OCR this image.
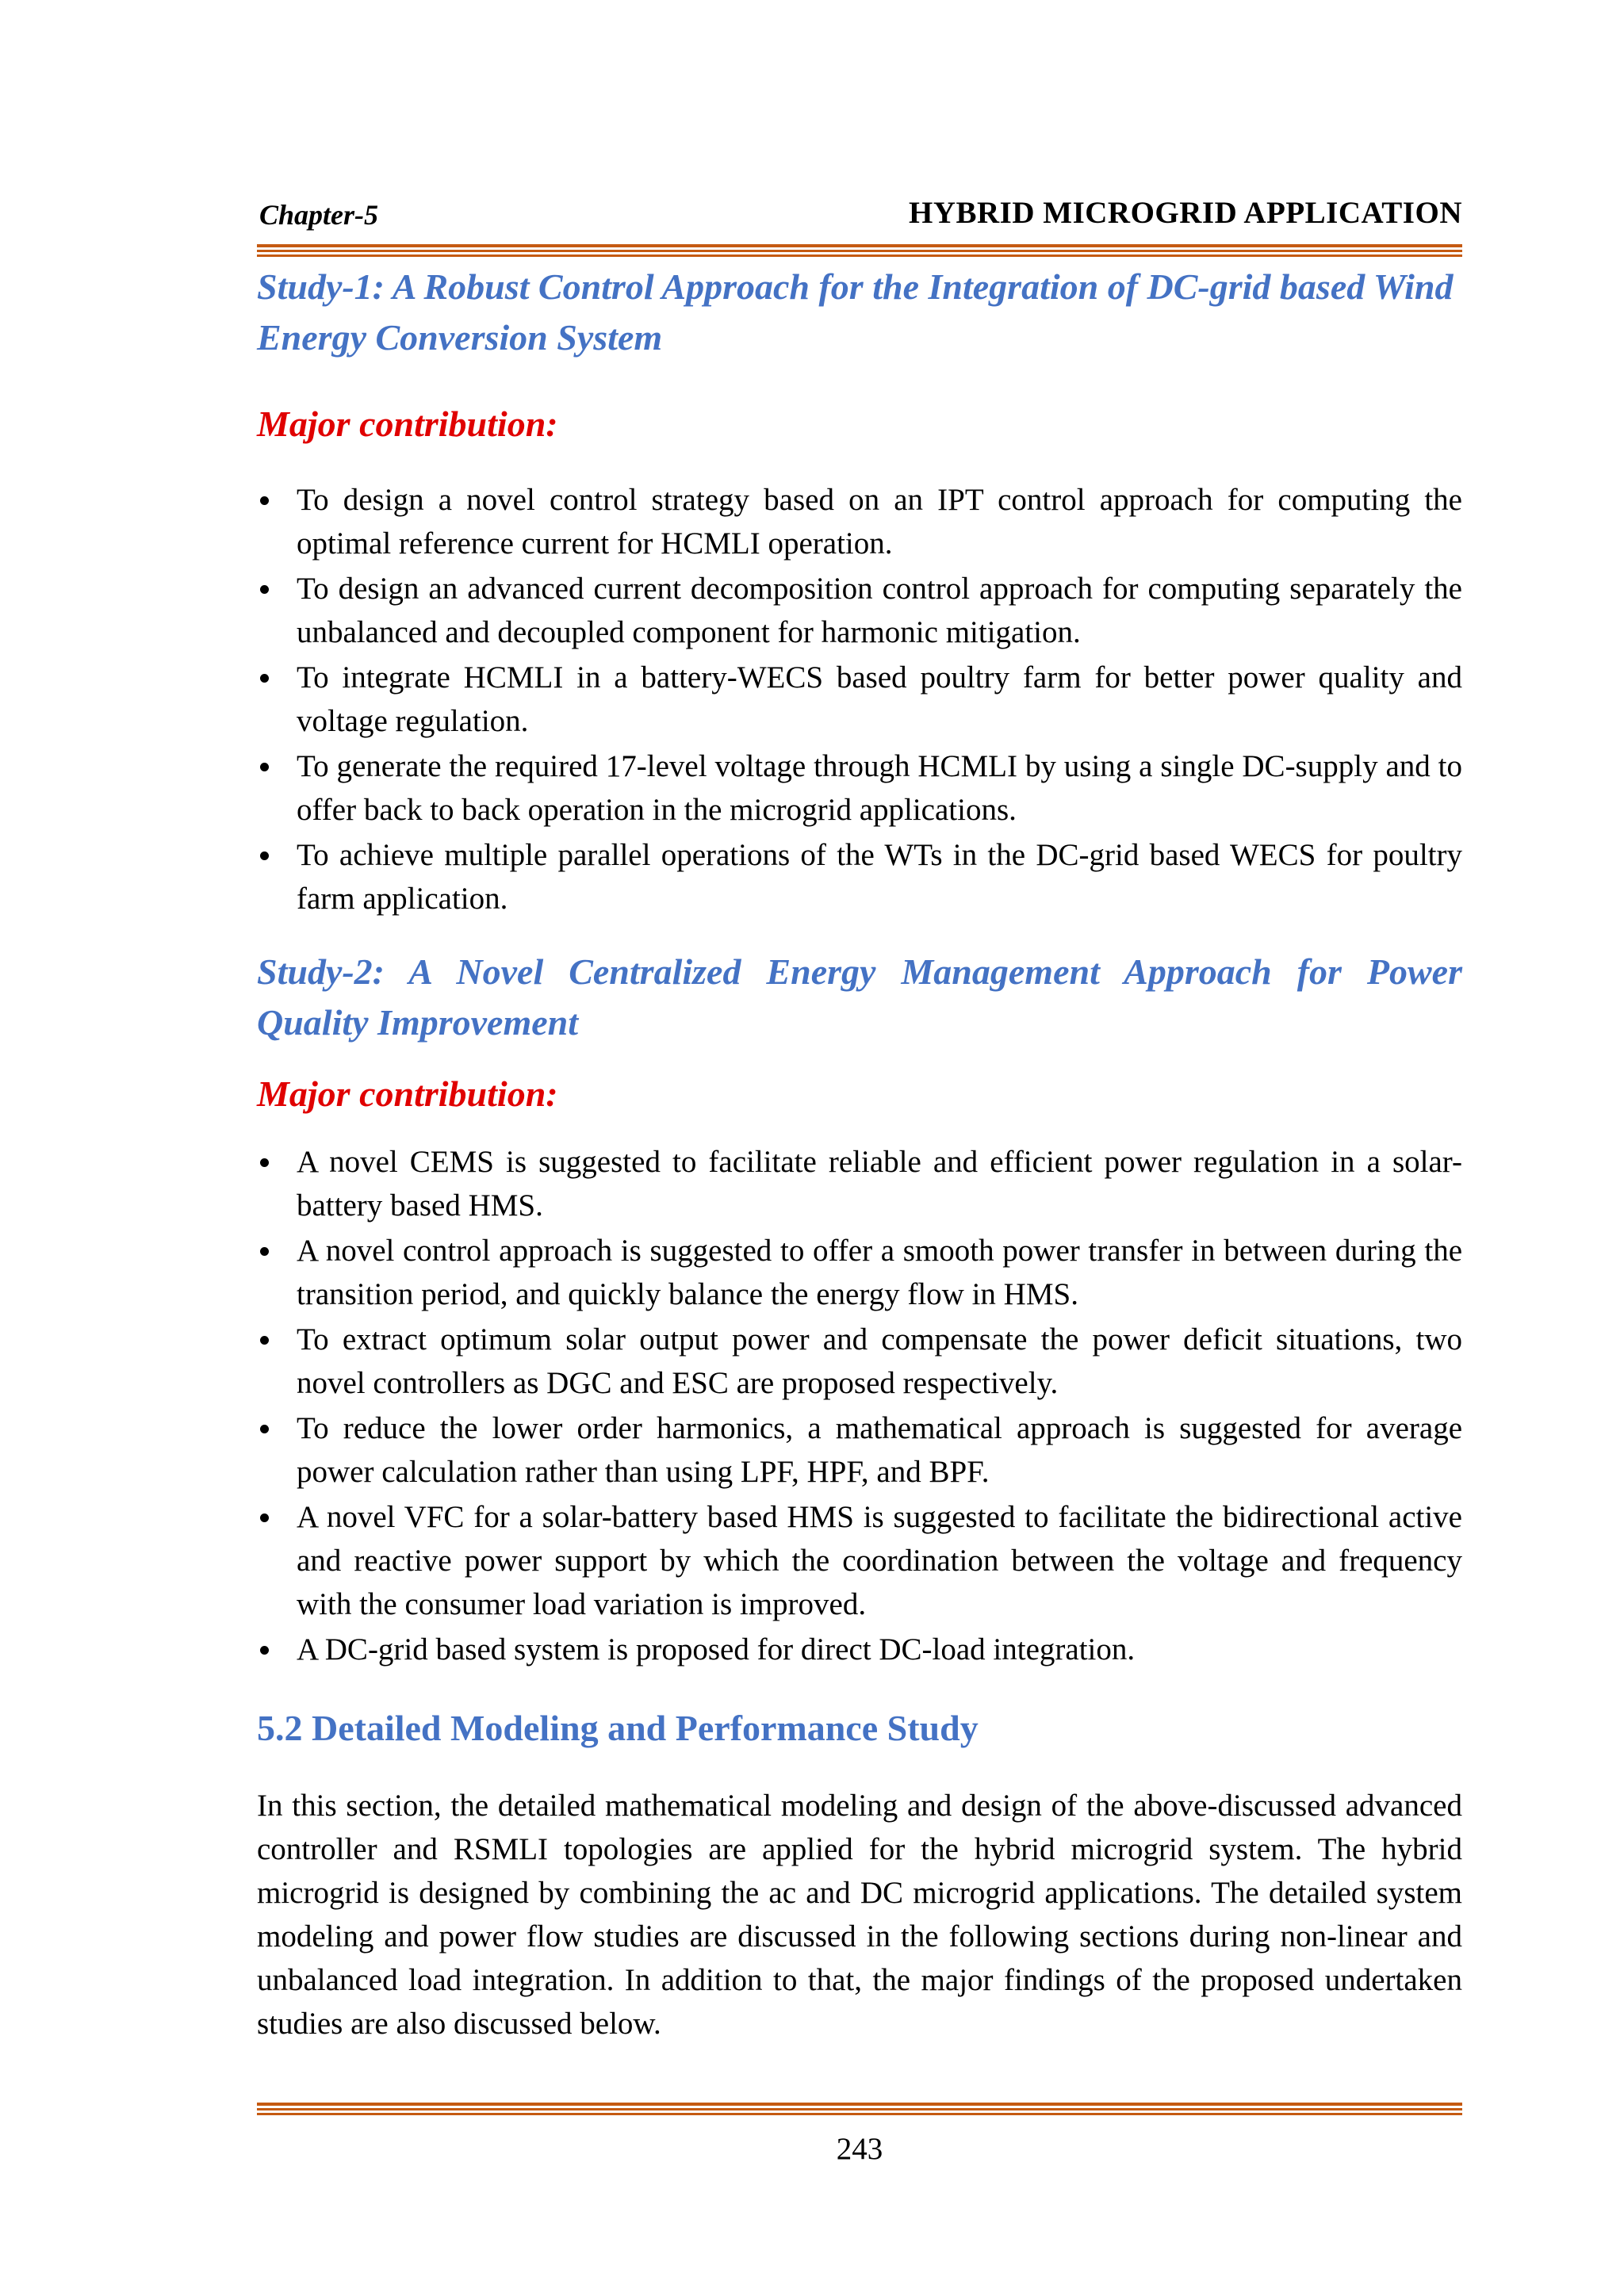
Chapter-5	HYBRID MICROGRID APPLICATION
Study-1: A Robust Control Approach for the Integration of DC-grid based Wind Energy Conversion System
Major contribution:
To design a novel control strategy based on an IPT control approach for computing the optimal reference current for HCMLI operation.
To design an advanced current decomposition control approach for computing separately the unbalanced and decoupled component for harmonic mitigation.
To integrate HCMLI in a battery-WECS based poultry farm for better power quality and voltage regulation.
To generate the required 17-level voltage through HCMLI by using a single DC-supply and to offer back to back operation in the microgrid applications.
To achieve multiple parallel operations of the WTs in the DC-grid based WECS for poultry farm application.
Study-2: A Novel Centralized Energy Management Approach for Power
Quality Improvement
Major contribution:
A novel CEMS is suggested to facilitate reliable and efficient power regulation in a solar-battery based HMS.
A novel control approach is suggested to offer a smooth power transfer in between during the transition period, and quickly balance the energy flow in HMS.
To extract optimum solar output power and compensate the power deficit situations, two novel controllers as DGC and ESC are proposed respectively.
To reduce the lower order harmonics, a mathematical approach is suggested for average power calculation rather than using LPF, HPF, and BPF.
A novel VFC for a solar-battery based HMS is suggested to facilitate the bidirectional active and reactive power support by which the coordination between the voltage and frequency with the consumer load variation is improved.
A DC-grid based system is proposed for direct DC-load integration.
5.2 Detailed Modeling and Performance Study

In this section, the detailed mathematical modeling and design of the above-discussed advanced controller and RSMLI topologies are applied for the hybrid microgrid system. The hybrid microgrid is designed by combining the ac and DC microgrid applications. The detailed system modeling and power flow studies are discussed in the following sections during non-linear and unbalanced load integration. In addition to that, the major findings of the proposed undertaken studies are also discussed below.

243
